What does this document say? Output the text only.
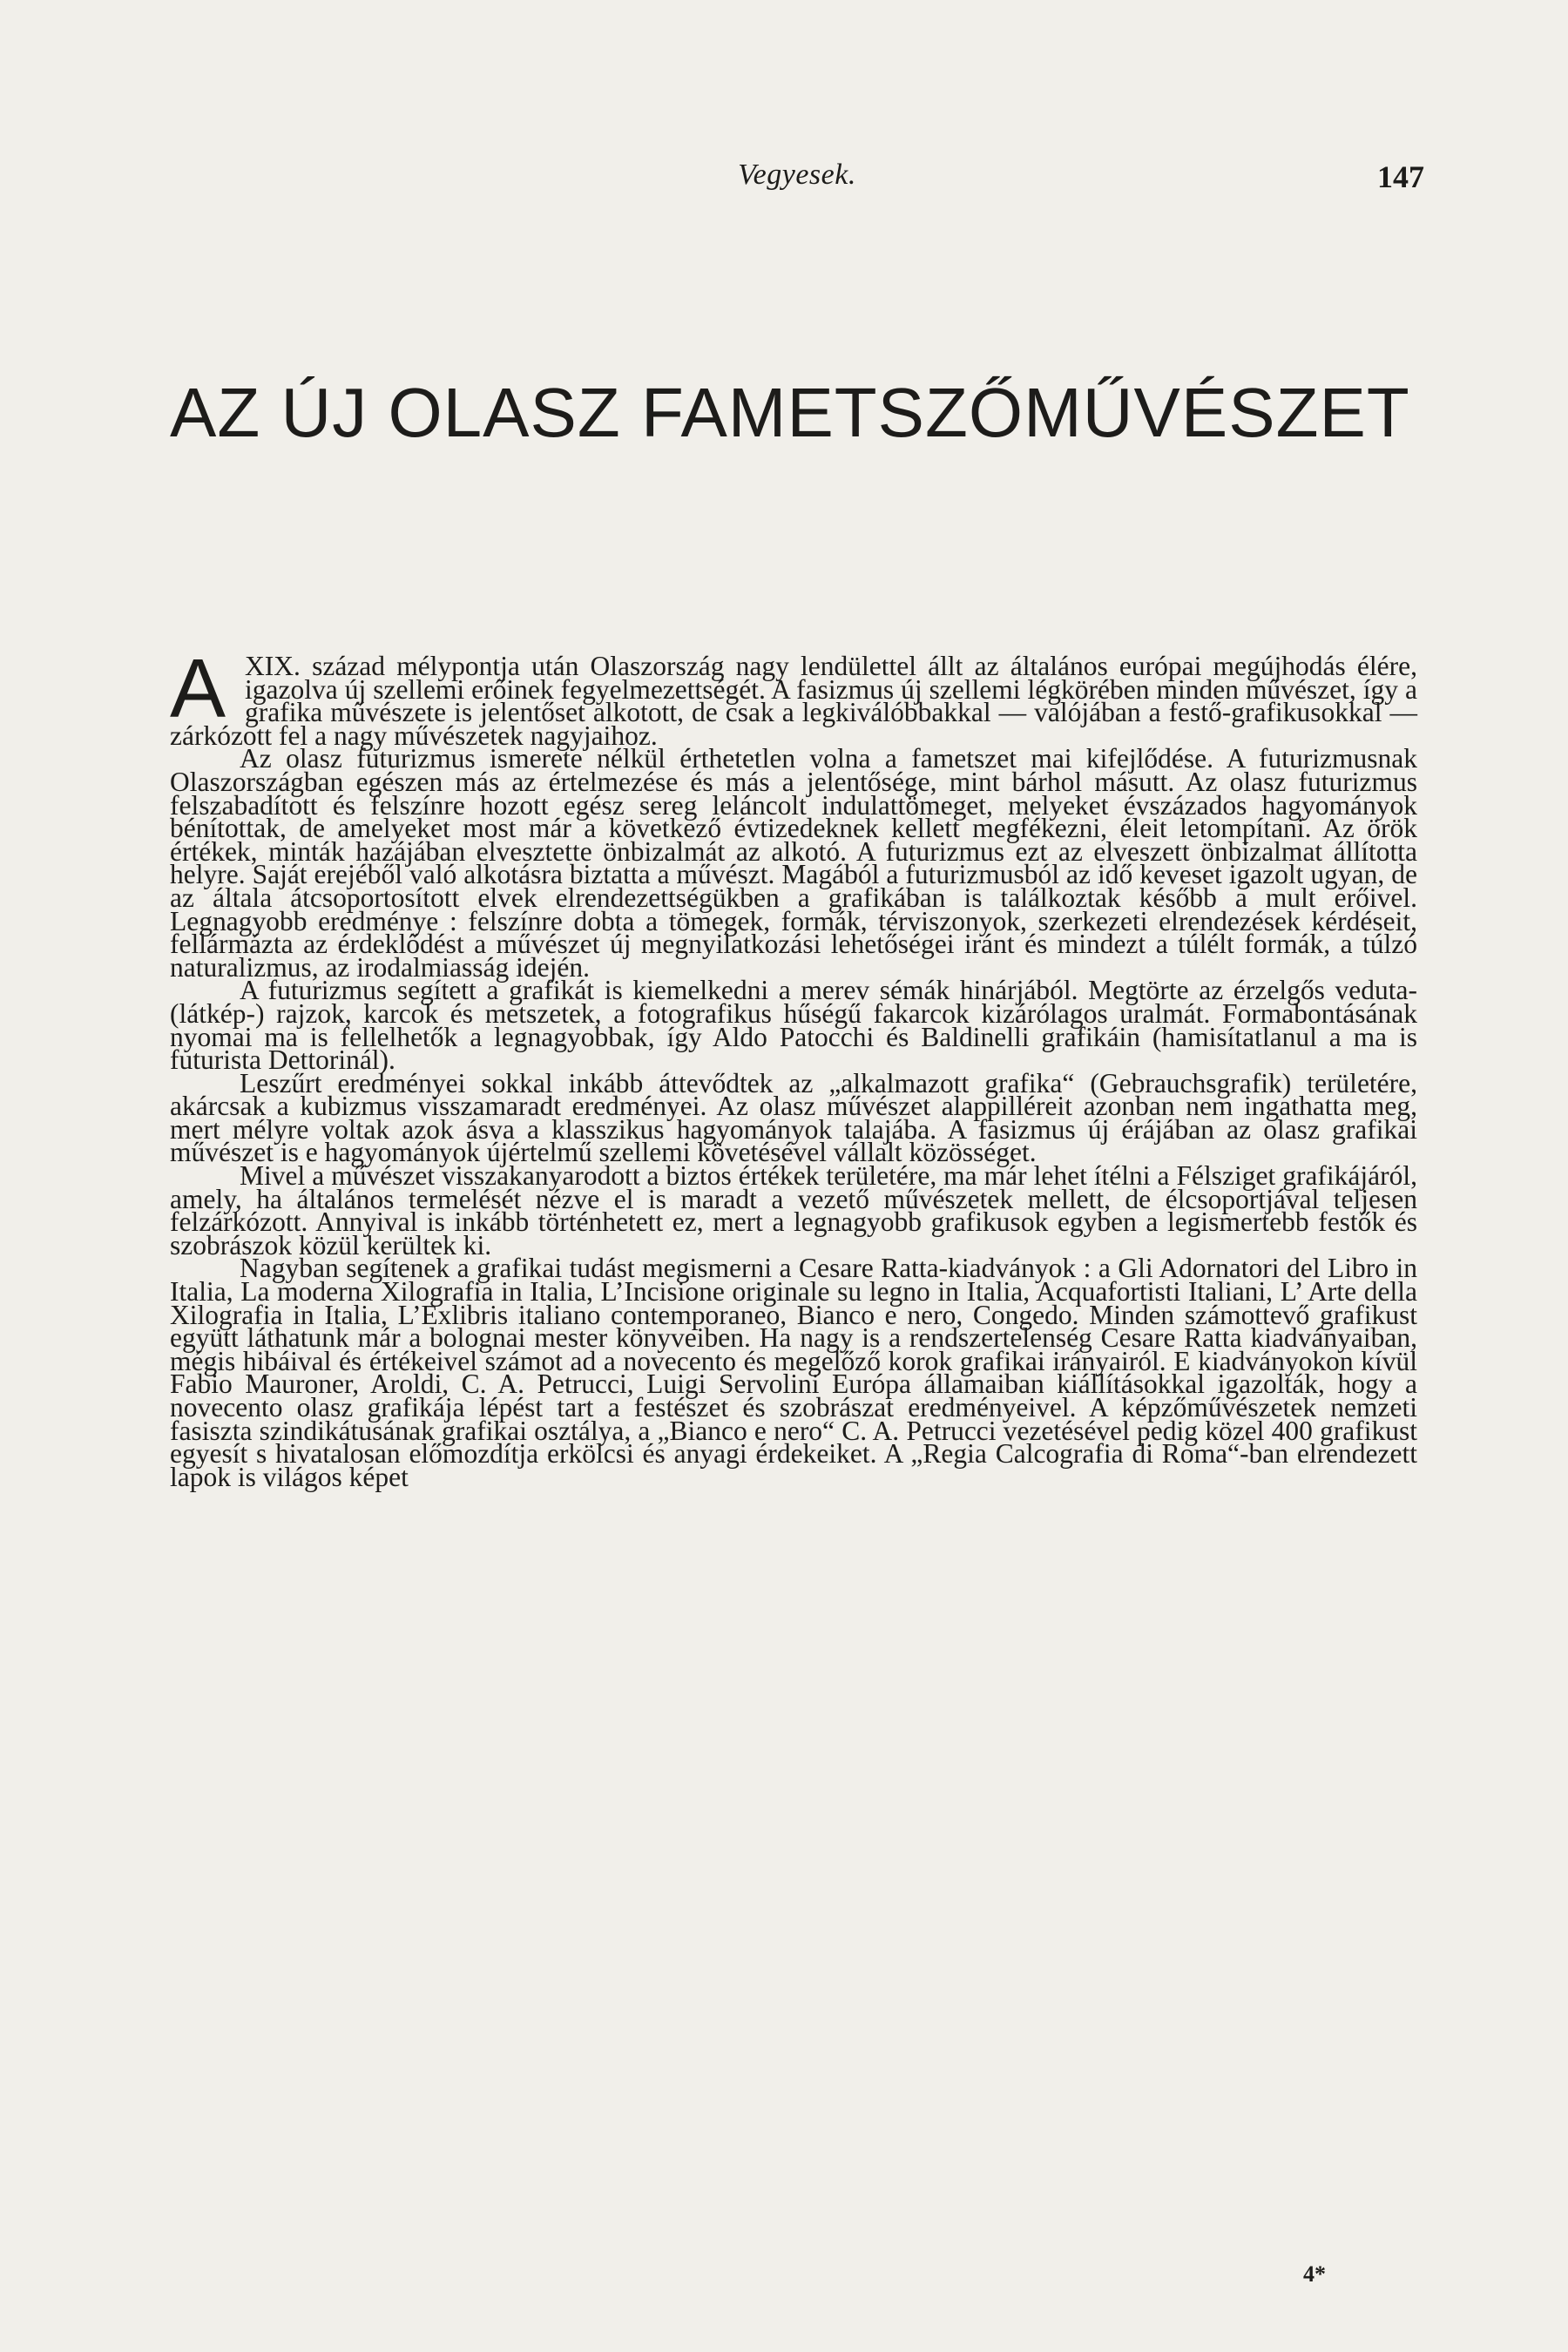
Vegyesek.	147
AZ ÚJ OLASZ FAMETSZŐMŰVÉSZET

AXIX. század mélypontja után Olaszország nagy lendülettel állt az általános európai megújhodás élére, igazolva új szellemi erőinek fegyelmezettségét. A fasizmus új szellemi légkörében minden művészet, így a grafika művészete is jelentőset alkotott, de csak a legkiválóbbakkal — valójában a festő-grafikusokkal — zárkózott fel a nagy művészetek nagyjaihoz.

Az olasz futurizmus ismerete nélkül érthetetlen volna a fametszet mai kifejlődése. A futurizmusnak Olaszországban egészen más az értelmezése és más a jelentősége, mint bárhol másutt. Az olasz futurizmus felszabadított és felszínre hozott egész sereg leláncolt indulattömeget, melyeket évszázados hagyományok bénítottak, de amelyeket most már a következő évtizedeknek kellett megfékezni, éleit letompítani. Az örök értékek, minták hazájában elvesztette önbizalmát az alkotó. A futurizmus ezt az elveszett önbizalmat állította helyre. Saját erejéből való alkotásra biztatta a művészt. Magából a futurizmusból az idő keveset igazolt ugyan, de az általa átcsoportosított elvek elrendezettségükben a grafikában is találkoztak később a mult erőivel. Legnagyobb eredménye : felszínre dobta a tömegek, formák, térviszonyok, szerkezeti elrendezések kérdéseit, fellármázta az érdeklődést a művészet új megnyilatkozási lehetőségei iránt és mindezt a túlélt formák, a túlzó naturalizmus, az irodalmiasság idején.

A futurizmus segített a grafikát is kiemelkedni a merev sémák hinárjából. Megtörte az érzelgős veduta- (látkép-) rajzok, karcok és metszetek, a fotografikus hűségű fakarcok kizárólagos uralmát. Formabontásának nyomai ma is fellelhetők a legnagyobbak, így Aldo Patocchi és Baldinelli grafikáin (hamisítatlanul a ma is futurista Dettorinál).

Leszűrt eredményei sokkal inkább áttevődtek az „alkalmazott grafika“ (Gebrauchsgrafik) területére, akárcsak a kubizmus visszamaradt eredményei. Az olasz művészet alappilléreit azonban nem ingathatta meg, mert mélyre voltak azok ásva a klasszikus hagyományok talajába. A fasizmus új érájában az olasz grafikai művészet is e hagyományok újértelmű szellemi követésével vállalt közösséget.

Mivel a művészet visszakanyarodott a biztos értékek területére, ma már lehet ítélni a Félsziget grafikájáról, amely, ha általános termelését nézve el is maradt a vezető művészetek mellett, de élcsoportjával teljesen felzárkózott. Annyival is inkább történhetett ez, mert a legnagyobb grafikusok egyben a legismertebb festők és szobrászok közül kerültek ki.

Nagyban segítenek a grafikai tudást megismerni a Cesare Ratta-kiadványok : a Gli Adornatori del Libro in Italia, La moderna Xilografia in Italia, L’Incisione originale su legno in Italia, Acquafortisti Italiani, L’ Arte della Xilografia in Italia, L’Exlibris italiano contemporaneo, Bianco e nero, Congedo. Minden számottevő grafikust együtt láthatunk már a bolognai mester könyveiben. Ha nagy is a rendszertelenség Cesare Ratta kiadványaiban, mégis hibáival és értékeivel számot ad a novecento és megelőző korok grafikai irányairól. E kiadványokon kívül Fabio Mauroner, Aroldi, C. A. Petrucci, Luigi Servolini Európa államaiban kiállításokkal igazolták, hogy a novecento olasz grafikája lépést tart a festészet és szobrászat eredményeivel. A képzőművészetek nemzeti fasiszta szindikátusának grafikai osztálya, a „Bianco e nero“ C. A. Petrucci vezetésével pedig közel 400 grafikust egyesít s hivatalosan előmozdítja erkölcsi és anyagi érdekeiket. A „Regia Calcografia di Roma“-ban elrendezett lapok is világos képet

4*
